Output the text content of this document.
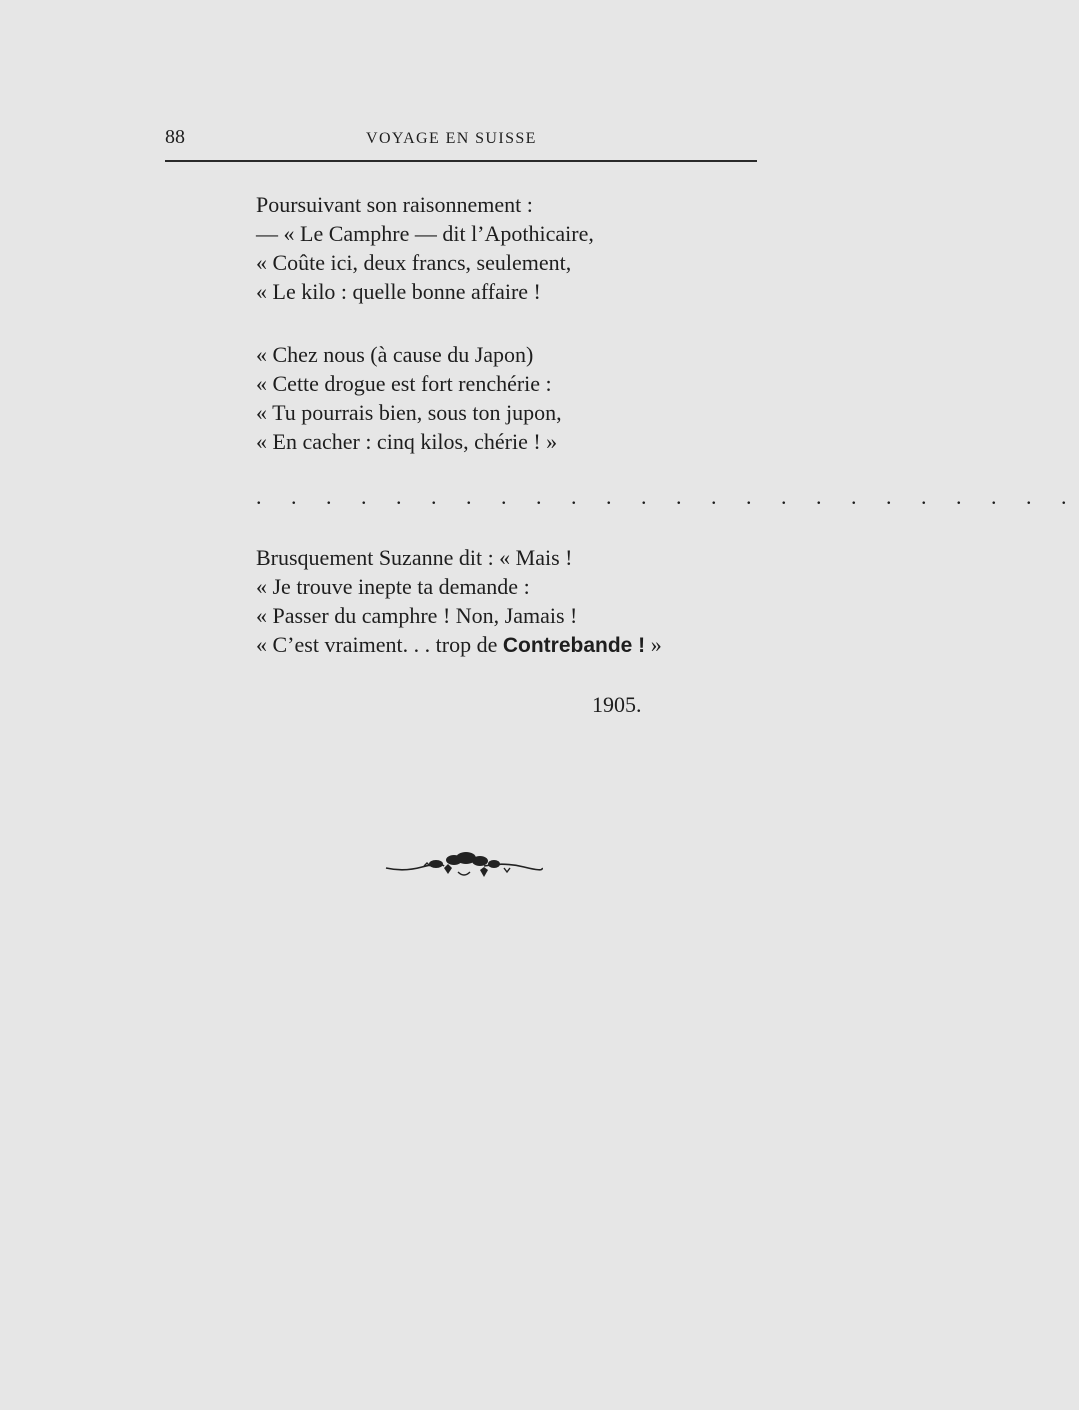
88	VOYAGE EN SUISSE
Poursuivant son raisonnement :
— « Le Camphre — dit l’Apothicaire,
« Coûte ici, deux francs, seulement,
« Le kilo : quelle bonne affaire !
« Chez nous (à cause du Japon)
« Cette drogue est fort renchérie :
« Tu pourrais bien, sous ton jupon,
« En cacher : cinq kilos, chérie ! »
. . . . . . . . . . . . . . . . . . . . . . . .
Brusquement Suzanne dit : « Mais !
« Je trouve inepte ta demande :
« Passer du camphre ! Non, Jamais !
« C’est vraiment. . . trop de Contrebande ! »
1905.
